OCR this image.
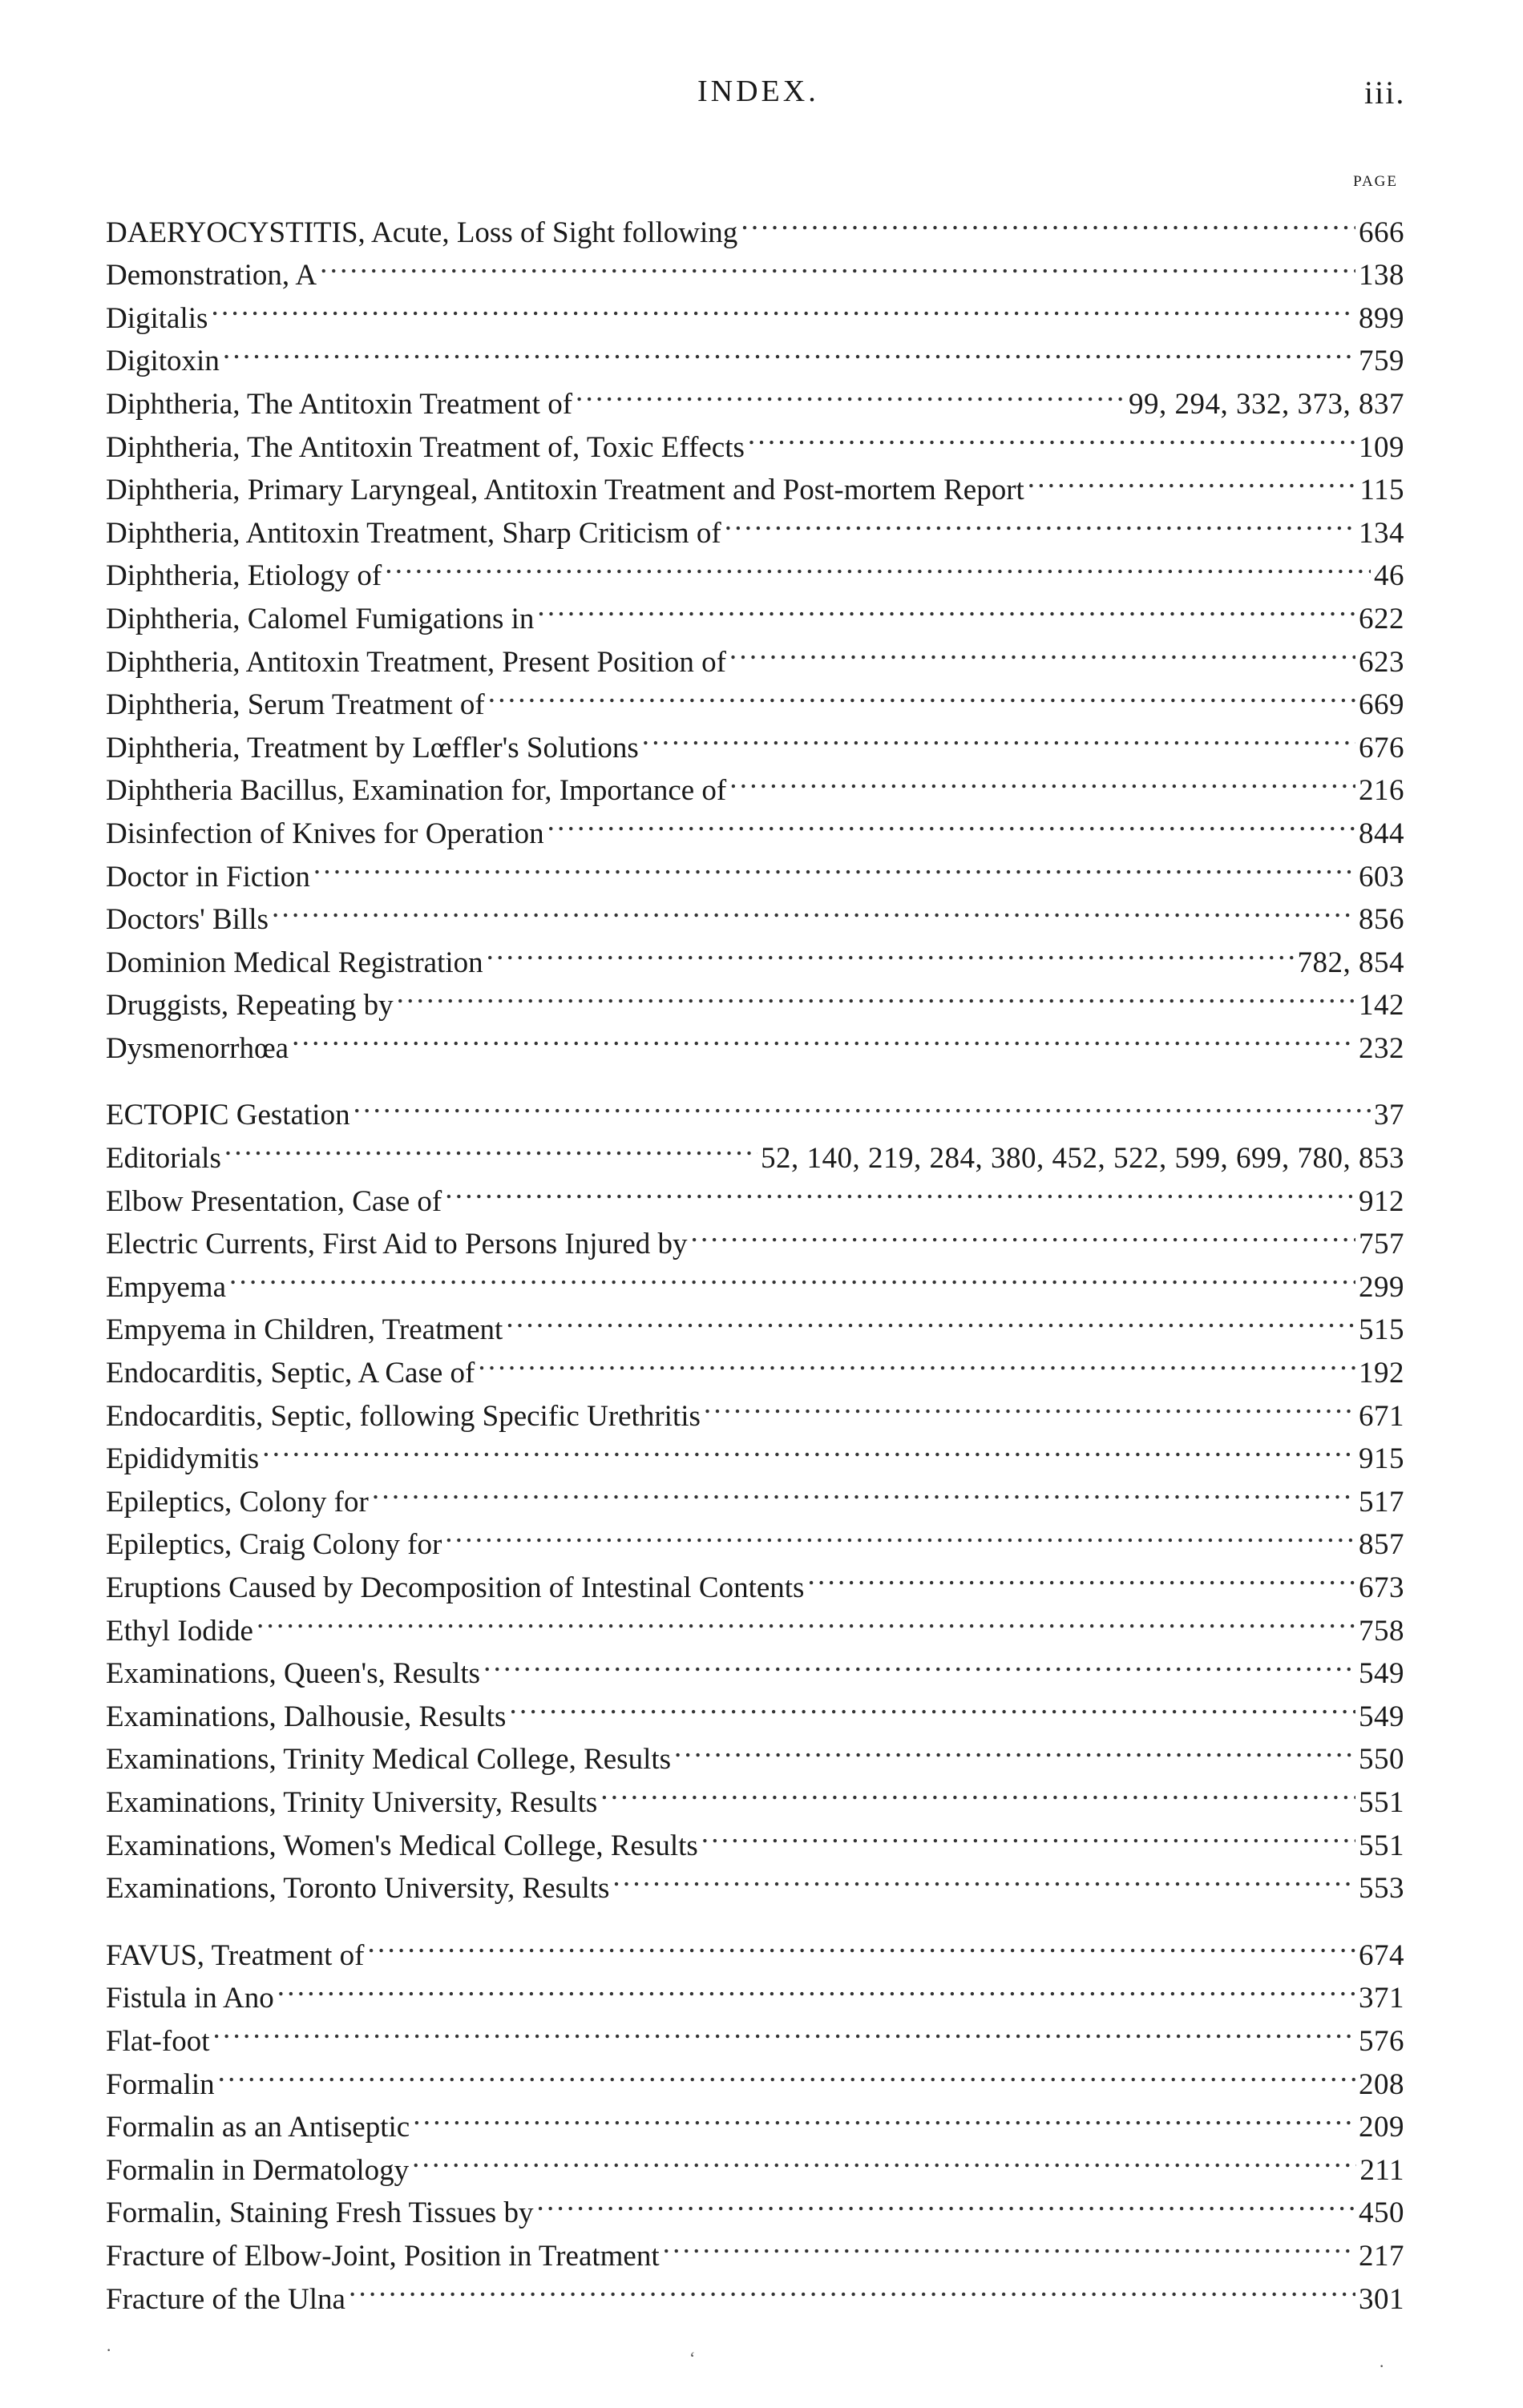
INDEX.	iii.
PAGE
DAERYOCYSTITIS, Acute, Loss of Sight following . . .	666
Demonstration, A . . .	138
Digitalis . . .	899
Digitoxin . . .	759
Diphtheria, The Antitoxin Treatment of . . .	99, 294, 332, 373, 837
Diphtheria, The Antitoxin Treatment of, Toxic Effects . . .	109
Diphtheria, Primary Laryngeal, Antitoxin Treatment and Post-mortem Report . . .	115
Diphtheria, Antitoxin Treatment, Sharp Criticism of . . .	134
Diphtheria, Etiology of . . .	46
Diphtheria, Calomel Fumigations in . . .	622
Diphtheria, Antitoxin Treatment, Present Position of . . .	623
Diphtheria, Serum Treatment of . . .	669
Diphtheria, Treatment by Lœffler's Solutions . . .	676
Diphtheria Bacillus, Examination for, Importance of . . .	216
Disinfection of Knives for Operation . . .	844
Doctor in Fiction . . .	603
Doctors' Bills . . .	856
Dominion Medical Registration . . .	782, 854
Druggists, Repeating by . . .	142
Dysmenorrhœa . . .	232
ECTOPIC Gestation . . .	37
Editorials . . .	52, 140, 219, 284, 380, 452, 522, 599, 699, 780, 853
Elbow Presentation, Case of . . .	912
Electric Currents, First Aid to Persons Injured by . . .	757
Empyema . . .	299
Empyema in Children, Treatment . . .	515
Endocarditis, Septic, A Case of . . .	192
Endocarditis, Septic, following Specific Urethritis . . .	671
Epididymitis . . .	915
Epileptics, Colony for . . .	517
Epileptics, Craig Colony for . . .	857
Eruptions Caused by Decomposition of Intestinal Contents . . .	673
Ethyl Iodide . . .	758
Examinations, Queen's, Results . . .	549
Examinations, Dalhousie, Results . . .	549
Examinations, Trinity Medical College, Results . . .	550
Examinations, Trinity University, Results . . .	551
Examinations, Women's Medical College, Results . . .	551
Examinations, Toronto University, Results . . .	553
FAVUS, Treatment of . . .	674
Fistula in Ano . . .	371
Flat-foot . . .	576
Formalin . . .	208
Formalin as an Antiseptic . . .	209
Formalin in Dermatology . . .	211
Formalin, Staining Fresh Tissues by . . .	450
Fracture of Elbow-Joint, Position in Treatment . . .	217
Fracture of the Ulna . . .	301
·	‘	·
